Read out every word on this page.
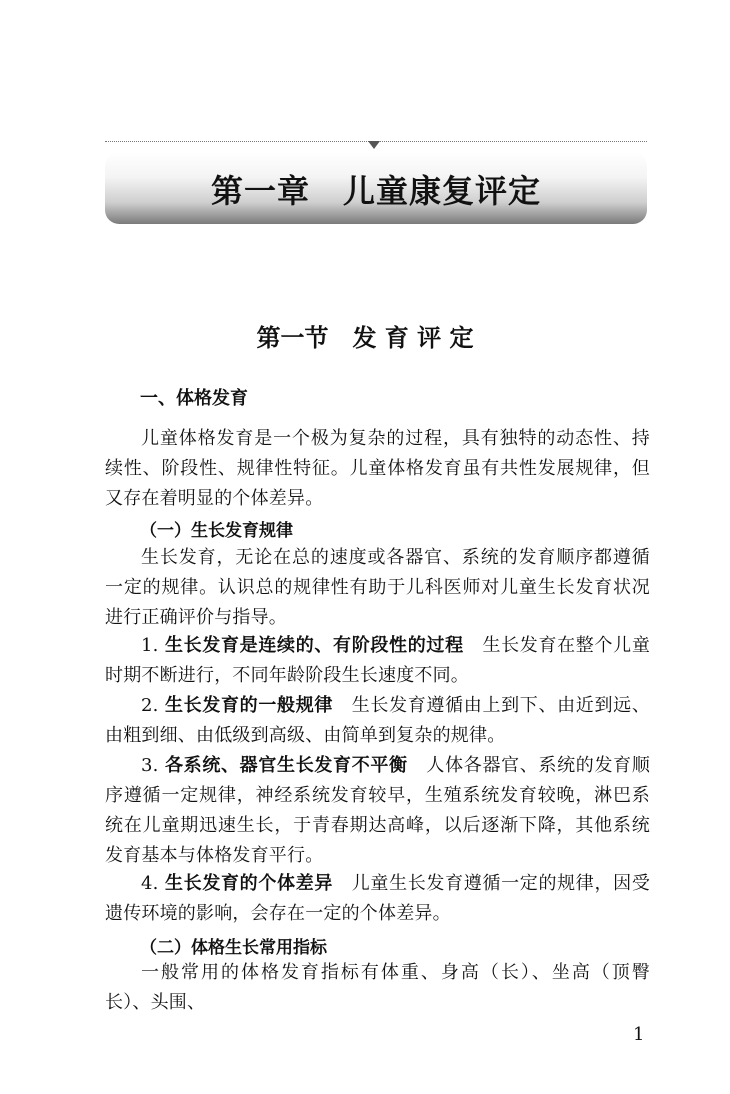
第一章　儿童康复评定
第一节　发 育 评 定
一、体格发育

儿童体格发育是一个极为复杂的过程，具有独特的动态性、持续性、阶段性、规律性特征。儿童体格发育虽有共性发展规律，但又存在着明显的个体差异。

（一）生长发育规律

生长发育，无论在总的速度或各器官、系统的发育顺序都遵循一定的规律。认识总的规律性有助于儿科医师对儿童生长发育状况进行正确评价与指导。

1. 生长发育是连续的、有阶段性的过程　 生长发育在整个儿童时期不断进行，不同年龄阶段生长速度不同。

2. 生长发育的一般规律　 生长发育遵循由上到下、由近到远、由粗到细、由低级到高级、由简单到复杂的规律。

3. 各系统、器官生长发育不平衡　 人体各器官、系统的发育顺序遵循一定规律，神经系统发育较早，生殖系统发育较晚，淋巴系统在儿童期迅速生长，于青春期达高峰，以后逐渐下降，其他系统发育基本与体格发育平行。

4. 生长发育的个体差异　 儿童生长发育遵循一定的规律，因受遗传环境的影响，会存在一定的个体差异。

（二）体格生长常用指标

一般常用的体格发育指标有体重、身高（长）、坐高（顶臀长）、头围、

1
